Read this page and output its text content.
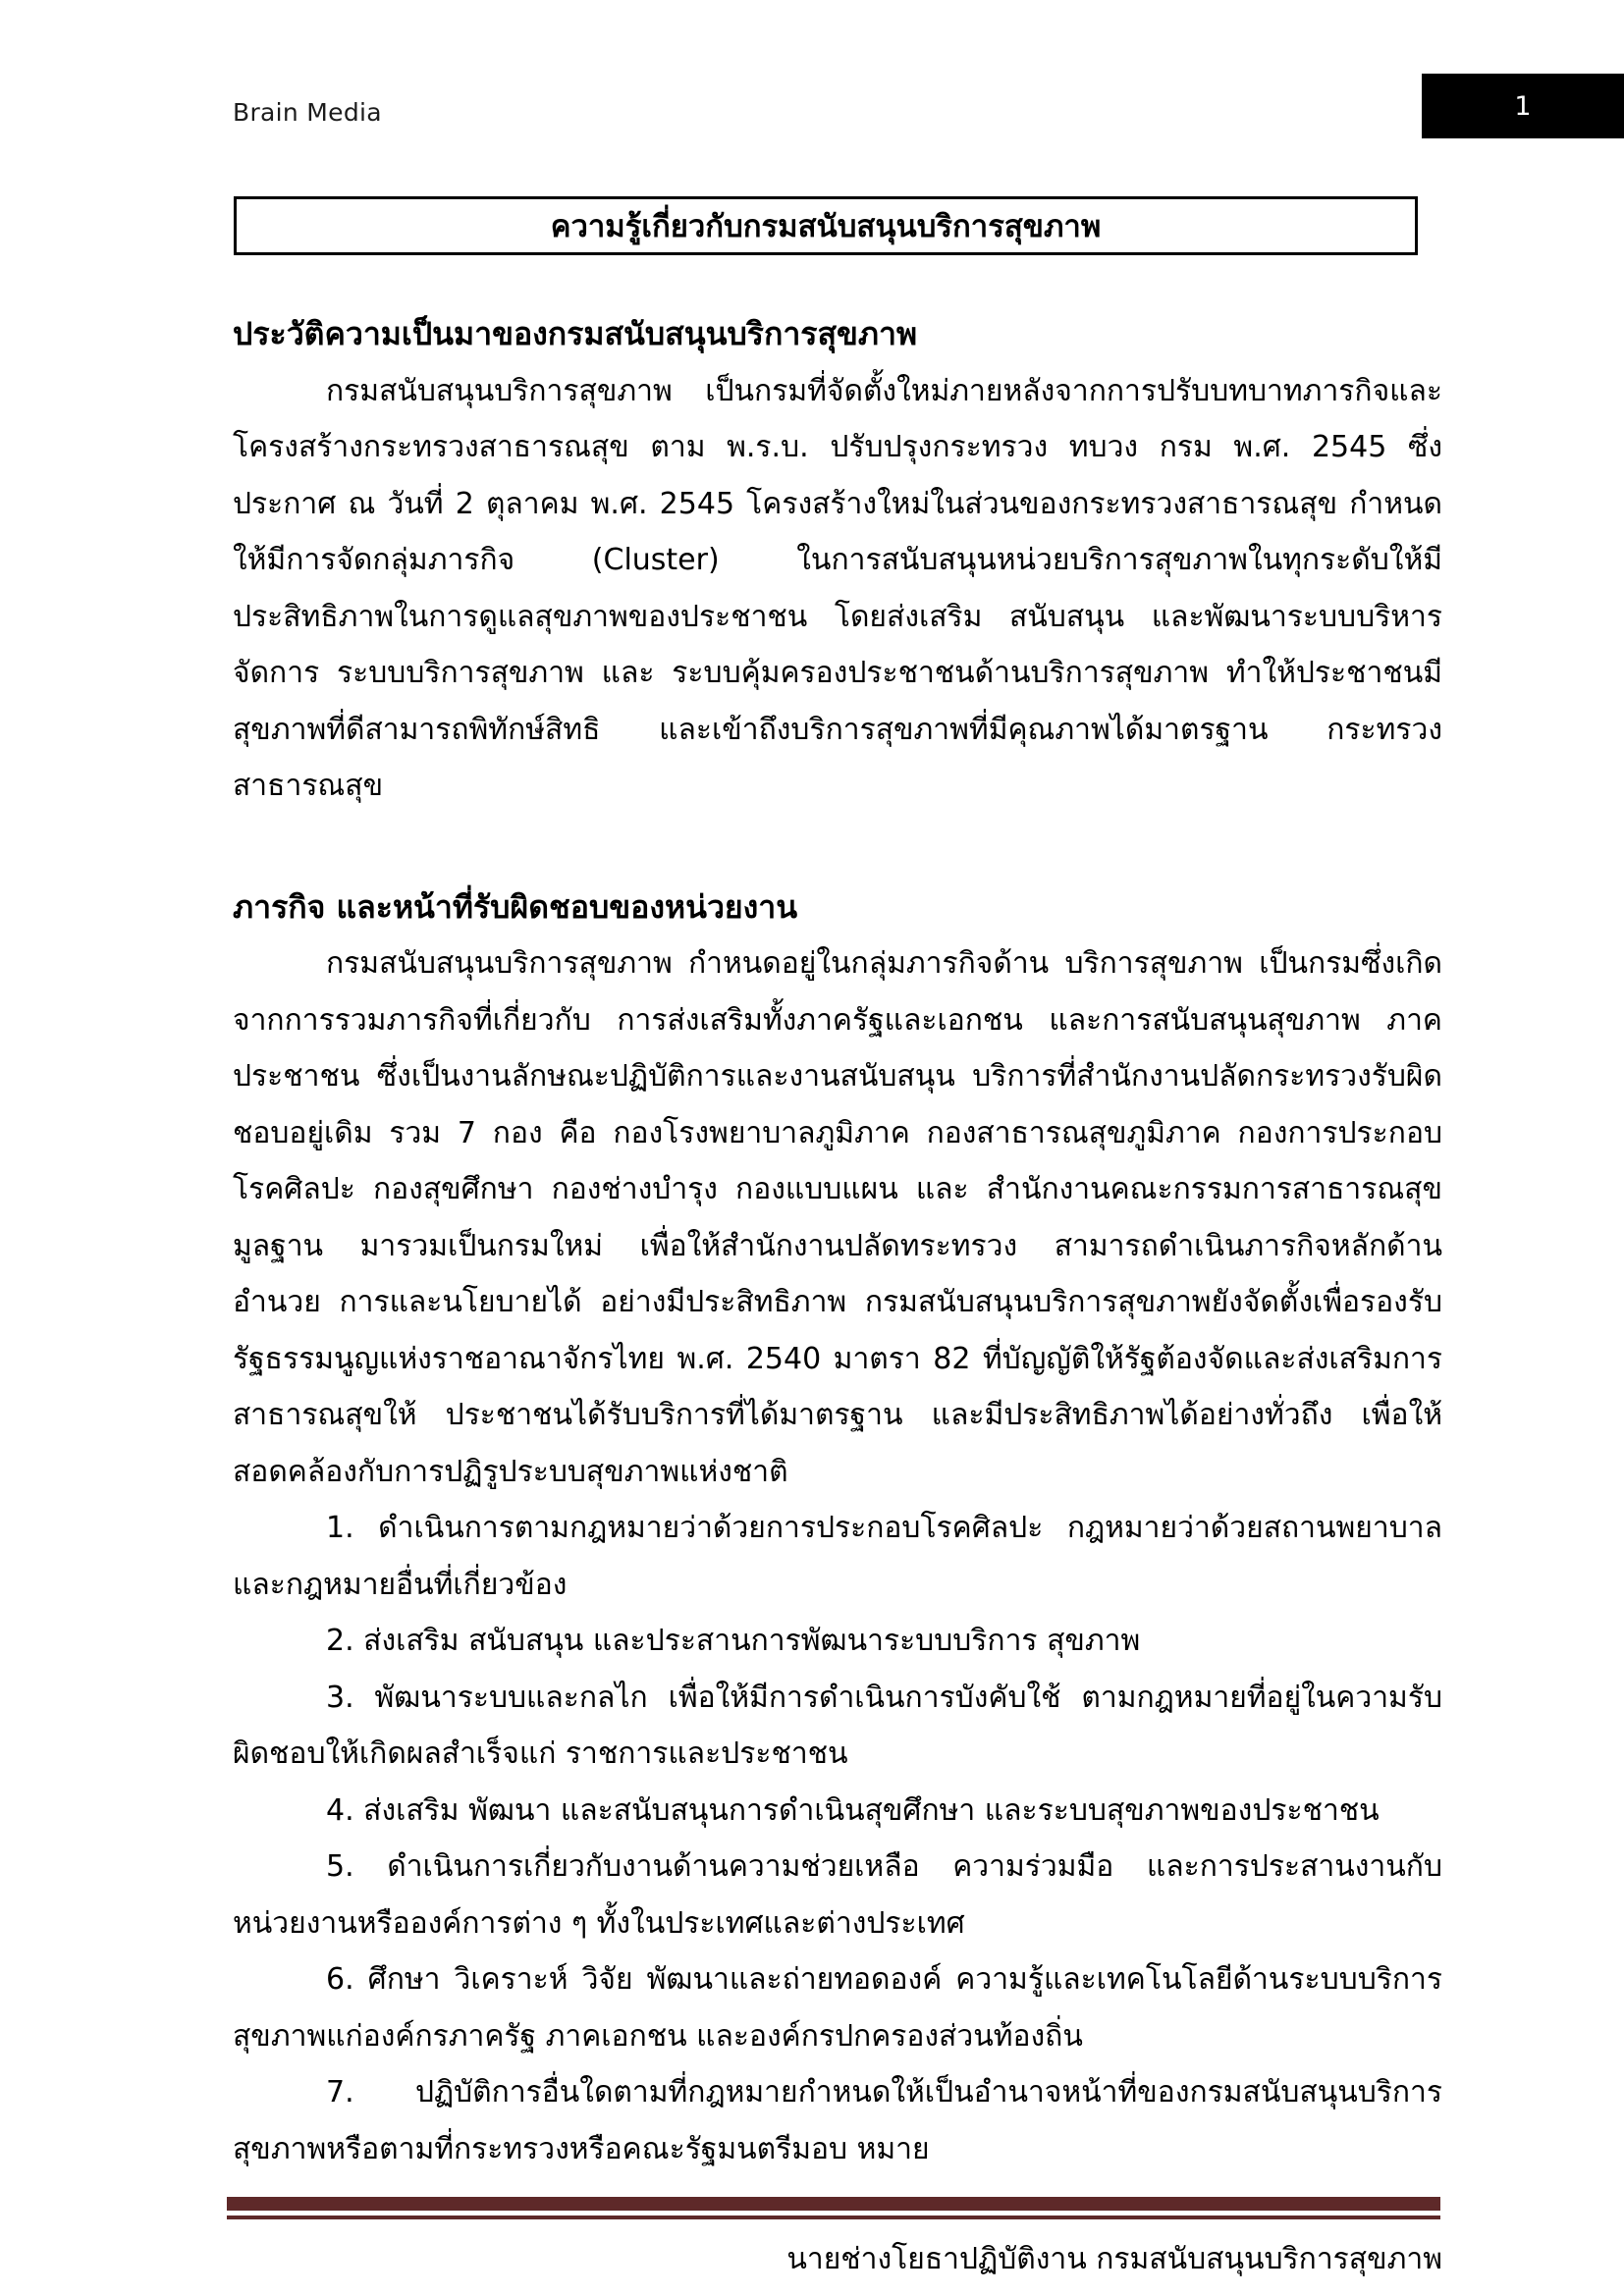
Brain Media	1
ความรู้เกี่ยวกับกรมสนับสนุนบริการสุขภาพ
ประวัติความเป็นมาของกรมสนับสนุนบริการสุขภาพ

กรมสนับสนุนบริการสุขภาพ เป็นกรมที่จัดตั้งใหม่ภายหลังจากการปรับบทบาทภารกิจและโครงสร้างกระทรวงสาธารณสุข ตาม พ.ร.บ. ปรับปรุงกระทรวง ทบวง กรม พ.ศ. 2545 ซึ่งประกาศ ณ วันที่ 2 ตุลาคม พ.ศ. 2545 โครงสร้างใหม่ในส่วนของกระทรวงสาธารณสุข กำหนดให้มีการจัดกลุ่มภารกิจ (Cluster) ในการสนับสนุนหน่วยบริการสุขภาพในทุกระดับให้มีประสิทธิภาพในการดูแลสุขภาพของประชาชน โดยส่งเสริม สนับสนุน และพัฒนาระบบบริหารจัดการ ระบบบริการสุขภาพ และ ระบบคุ้มครองประชาชนด้านบริการสุขภาพ ทำให้ประชาชนมีสุขภาพที่ดีสามารถพิทักษ์สิทธิ และเข้าถึงบริการสุขภาพที่มีคุณภาพได้มาตรฐาน กระทรวงสาธารณสุข

ภารกิจ และหน้าที่รับผิดชอบของหน่วยงาน

กรมสนับสนุนบริการสุขภาพ กำหนดอยู่ในกลุ่มภารกิจด้าน บริการสุขภาพ เป็นกรมซึ่งเกิดจากการรวมภารกิจที่เกี่ยวกับ การส่งเสริมทั้งภาครัฐและเอกชน และการสนับสนุนสุขภาพ ภาคประชาชน ซึ่งเป็นงานลักษณะปฏิบัติการและงานสนับสนุน บริการที่สำนักงานปลัดกระทรวงรับผิดชอบอยู่เดิม รวม 7 กอง คือ กองโรงพยาบาลภูมิภาค กองสาธารณสุขภูมิภาค กองการประกอบโรคศิลปะ กองสุขศึกษา กองช่างบำรุง กองแบบแผน และ สำนักงานคณะกรรมการสาธารณสุขมูลฐาน มารวมเป็นกรมใหม่ เพื่อให้สำนักงานปลัดทระทรวง สามารถดำเนินภารกิจหลักด้านอำนวย การและนโยบายได้ อย่างมีประสิทธิภาพ กรมสนับสนุนบริการสุขภาพยังจัดตั้งเพื่อรองรับ รัฐธรรมนูญแห่งราชอาณาจักรไทย พ.ศ. 2540 มาตรา 82 ที่บัญญัติให้รัฐต้องจัดและส่งเสริมการสาธารณสุขให้ ประชาชนได้รับบริการที่ได้มาตรฐาน และมีประสิทธิภาพได้อย่างทั่วถึง เพื่อให้สอดคล้องกับการปฏิรูประบบสุขภาพแห่งชาติ

1. ดำเนินการตามกฎหมายว่าด้วยการประกอบโรคศิลปะ กฎหมายว่าด้วยสถานพยาบาลและกฎหมายอื่นที่เกี่ยวข้อง

2. ส่งเสริม สนับสนุน และประสานการพัฒนาระบบบริการ สุขภาพ

3. พัฒนาระบบและกลไก เพื่อให้มีการดำเนินการบังคับใช้ ตามกฎหมายที่อยู่ในความรับผิดชอบให้เกิดผลสำเร็จแก่ ราชการและประชาชน

4. ส่งเสริม พัฒนา และสนับสนุนการดำเนินสุขศึกษา และระบบสุขภาพของประชาชน

5. ดำเนินการเกี่ยวกับงานด้านความช่วยเหลือ ความร่วมมือ และการประสานงานกับหน่วยงานหรือองค์การต่าง ๆ ทั้งในประเทศและต่างประเทศ

6. ศึกษา วิเคราะห์ วิจัย พัฒนาและถ่ายทอดองค์ ความรู้และเทคโนโลยีด้านระบบบริการสุขภาพแก่องค์กรภาครัฐ ภาคเอกชน และองค์กรปกครองส่วนท้องถิ่น

7. ปฏิบัติการอื่นใดตามที่กฎหมายกำหนดให้เป็นอำนาจหน้าที่ของกรมสนับสนุนบริการสุขภาพหรือตามที่กระทรวงหรือคณะรัฐมนตรีมอบ หมาย

นายช่างโยธาปฏิบัติงาน กรมสนับสนุนบริการสุขภาพ
